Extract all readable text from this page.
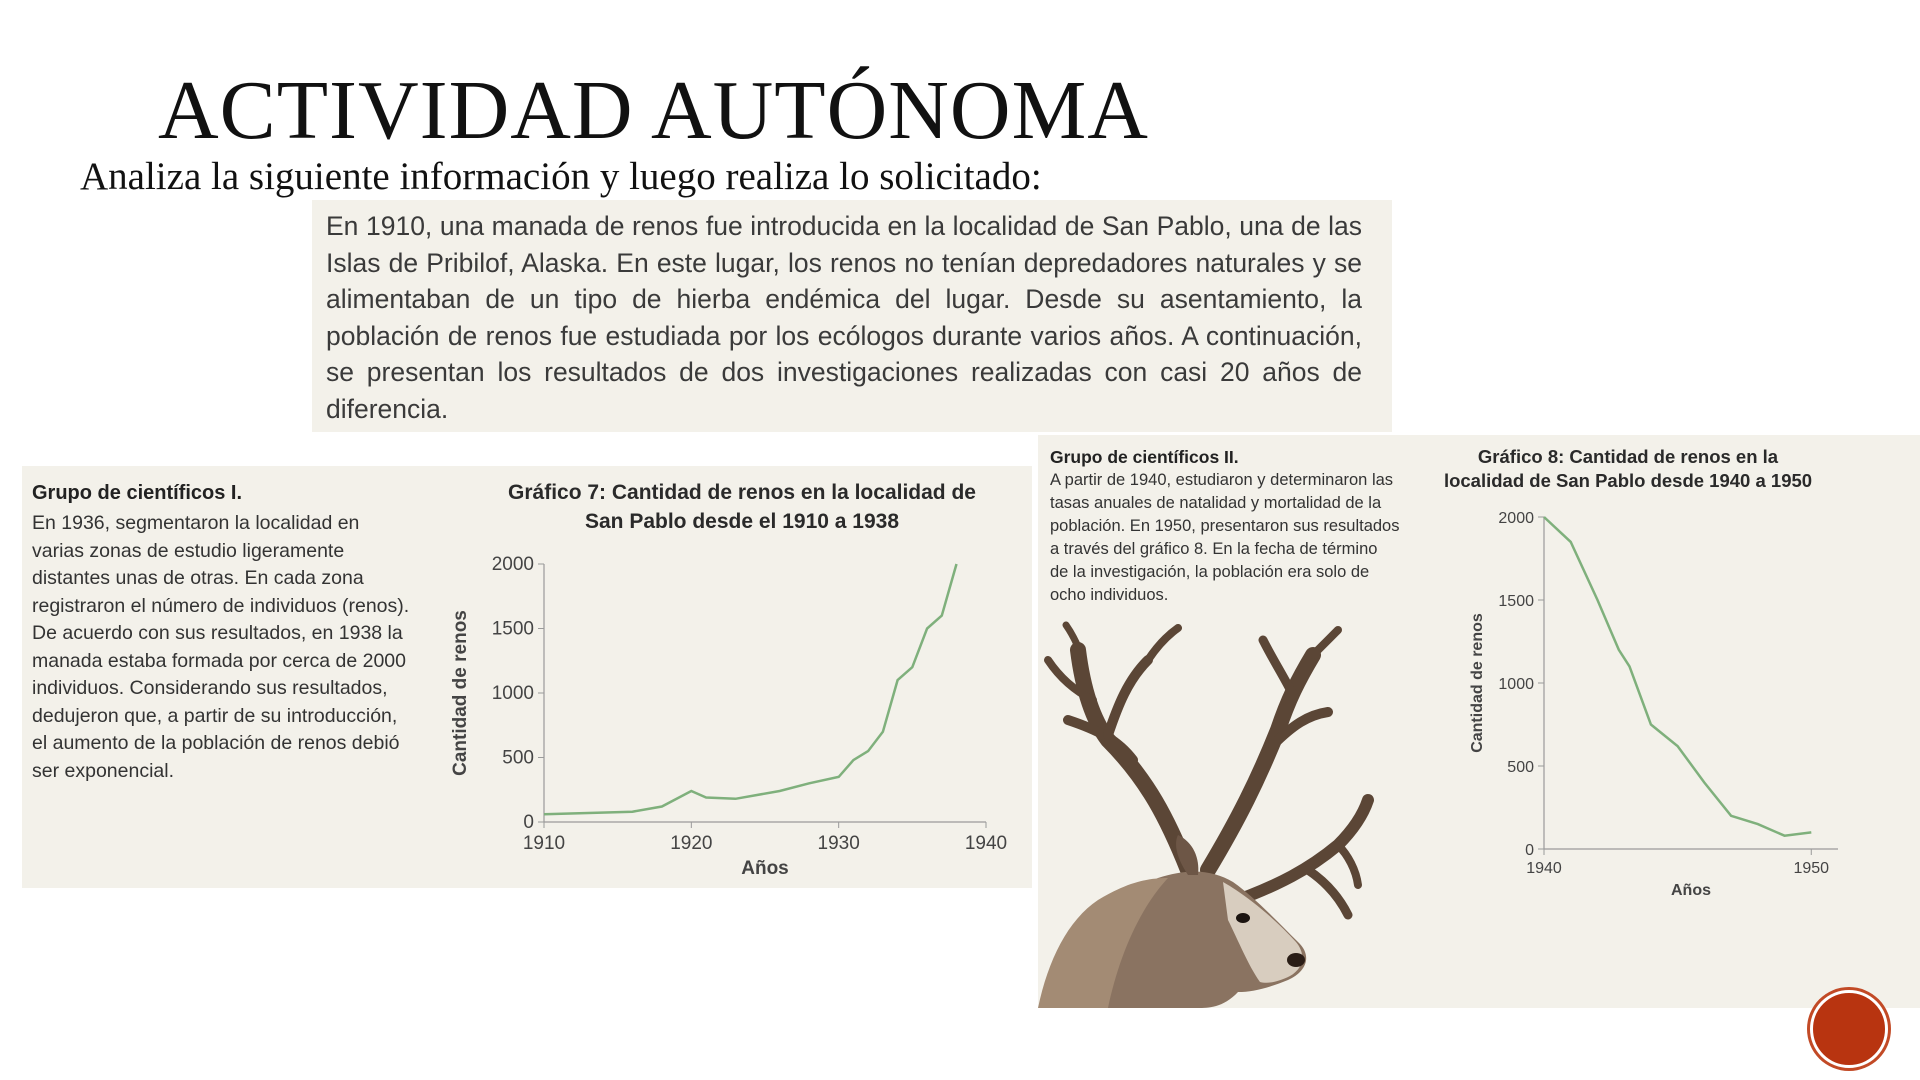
ACTIVIDAD AUTÓNOMA

Analiza la siguiente información y luego realiza lo solicitado:

En 1910, una manada de renos fue introducida en la localidad de San Pablo, una de las Islas de Pribilof, Alaska. En este lugar, los renos no tenían depredadores naturales y se alimentaban de un tipo de hierba endémica del lugar. Desde su asentamiento, la población de renos fue estudiada por los ecólogos durante varios años. A continuación, se presentan los resultados de dos investigaciones realizadas con casi 20 años de diferencia.
Grupo de científicos I.
En 1936, segmentaron la localidad en varias zonas de estudio ligeramente distantes unas de otras. En cada zona registraron el número de individuos (renos). De acuerdo con sus resultados, en 1938 la manada estaba formada por cerca de 2000 individuos. Considerando sus resultados, dedujeron que, a partir de su introducción, el aumento de la población de renos debió ser exponencial.
Gráfico 7: Cantidad de renos en la localidad de San Pablo desde el 1910 a 1938
0
500
1000
1500
2000
1910	1920	1930	1940
Años
Cantidad de renos
Grupo de científicos II.
A partir de 1940, estudiaron y determinaron las tasas anuales de natalidad y mortalidad de la población. En 1950, presentaron sus resultados a través del gráfico 8. En la fecha de término de la investigación, la población era solo de ocho individuos.
Gráfico 8: Cantidad de renos en la localidad de San Pablo desde 1940 a 1950
0
500
1000
1500
2000
1940	1950
Años
Cantidad de renos
